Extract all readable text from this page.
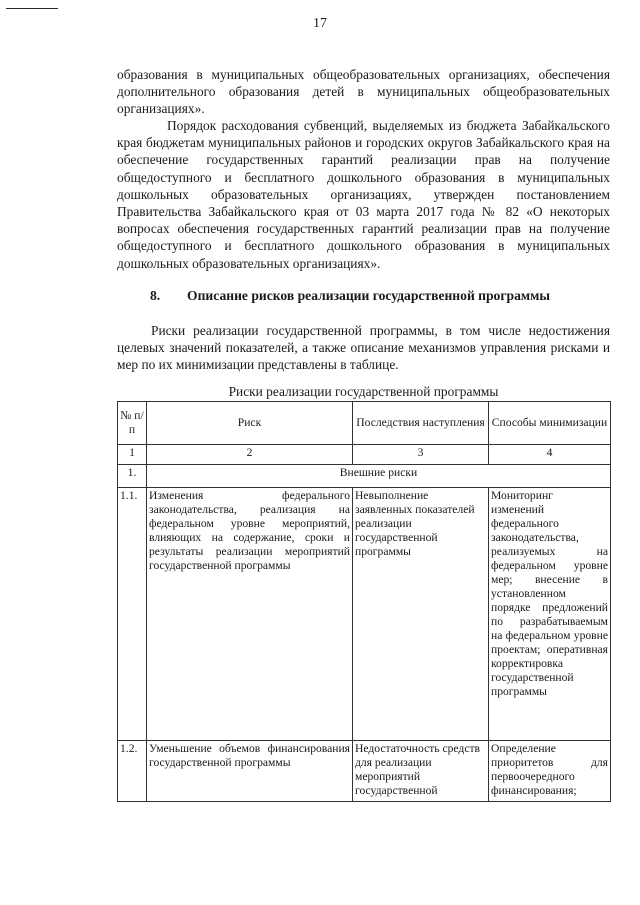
17

образования в муниципальных общеобразовательных организациях, обеспечения дополнительного образования детей в муниципальных общеобразовательных организациях».

Порядок расходования субвенций, выделяемых из бюджета Забайкальского края бюджетам муниципальных районов и городских округов Забайкальского края на обеспечение государственных гарантий реализации прав на получение общедоступного и бесплатного дошкольного образования в муниципальных дошкольных образовательных организациях, утвержден постановлением Правительства Забайкальского края от 03 марта 2017 года № 82 «О некоторых вопросах обеспечения государственных гарантий реализации прав на получение общедоступного и бесплатного дошкольного образования в муниципальных дошкольных образовательных организациях».

8. Описание рисков реализации государственной программы

Риски реализации государственной программы, в том числе недостижения целевых значений показателей, а также описание механизмов управления рисками и мер по их минимизации представлены в таблице.

Риски реализации государственной программы
№ п/п	Риск	Последствия наступления	Способы минимизации
1	2	3	4
1.	Внешние риски		
1.1.	Изменения федерального законодательства, реализация на федеральном уровне мероприятий, влияющих на содержание, сроки и результаты реализации мероприятий государственной программы	Невыполнение заявленных показателей реализации государственной программы	Мониторинг изменений федерального законодательства, реализуемых на федеральном уровне мер; внесение в установленном порядке предложений по разрабатываемым на федеральном уровне проектам; оперативная корректировка государственной программы
1.2.	Уменьшение объемов финансирования государственной программы	Недостаточность средств для реализации мероприятий государственной	Определение приоритетов для первоочередного финансирования;
